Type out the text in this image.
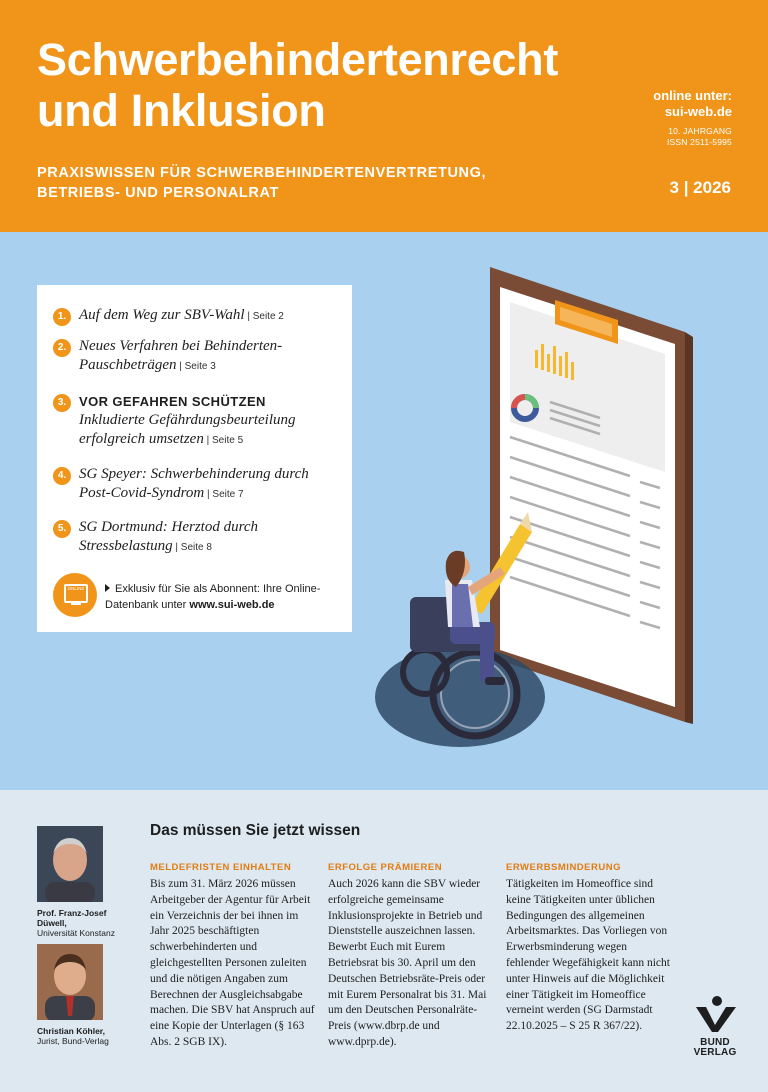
Schwerbehindertenrecht
und Inklusion
PRAXISWISSEN FÜR SCHWERBEHINDERTENVERTRETUNG,
BETRIEBS- UND PERSONALRAT
online unter:
sui-web.de
10. JAHRGANG
ISSN 2511-5995
3 | 2026
1. Auf dem Weg zur SBV-Wahl | Seite 2
2. Neues Verfahren bei Behinderten-Pauschbeträgen | Seite 3
3. VOR GEFAHREN SCHÜTZEN
Inkludierte Gefährdungsbeurteilung erfolgreich umsetzen | Seite 5
4. SG Speyer: Schwerbehinderung durch Post-Covid-Syndrom | Seite 7
5. SG Dortmund: Herztod durch Stressbelastung | Seite 8
ONLINE	Exklusiv für Sie als Abonnent: Ihre Online-Datenbank unter www.sui-web.de
Prof. Franz-Josef Düwell,
Universität Konstanz
Christian Köhler,
Jurist, Bund-Verlag
Das müssen Sie jetzt wissen
MELDEFRISTEN EINHALTEN
Bis zum 31. März 2026 müssen Arbeitgeber der Agentur für Arbeit ein Verzeichnis der bei ihnen im Jahr 2025 beschäftigten schwerbehinderten und gleichgestellten Personen zuleiten und die nötigen Angaben zum Berechnen der Ausgleichsabgabe machen. Die SBV hat Anspruch auf eine Kopie der Unterlagen (§ 163 Abs. 2 SGB IX).
ERFOLGE PRÄMIEREN
Auch 2026 kann die SBV wieder erfolgreiche gemeinsame Inklusionsprojekte in Betrieb und Dienststelle auszeichnen lassen. Bewerbt Euch mit Eurem Betriebsrat bis 30. April um den Deutschen Betriebsräte-Preis oder mit Eurem Personalrat bis 31. Mai um den Deutschen Personalräte-Preis (www.dbrp.de und www.dprp.de).
ERWERBSMINDERUNG
Tätigkeiten im Homeoffice sind keine Tätigkeiten unter üblichen Bedingungen des allgemeinen Arbeitsmarktes. Das Vorliegen von Erwerbsminderung wegen fehlender Wegefähigkeit kann nicht unter Hinweis auf die Möglichkeit einer Tätigkeit im Homeoffice verneint werden (SG Darmstadt 22.10.2025 – S 25 R 367/22).
BUND
VERLAG
